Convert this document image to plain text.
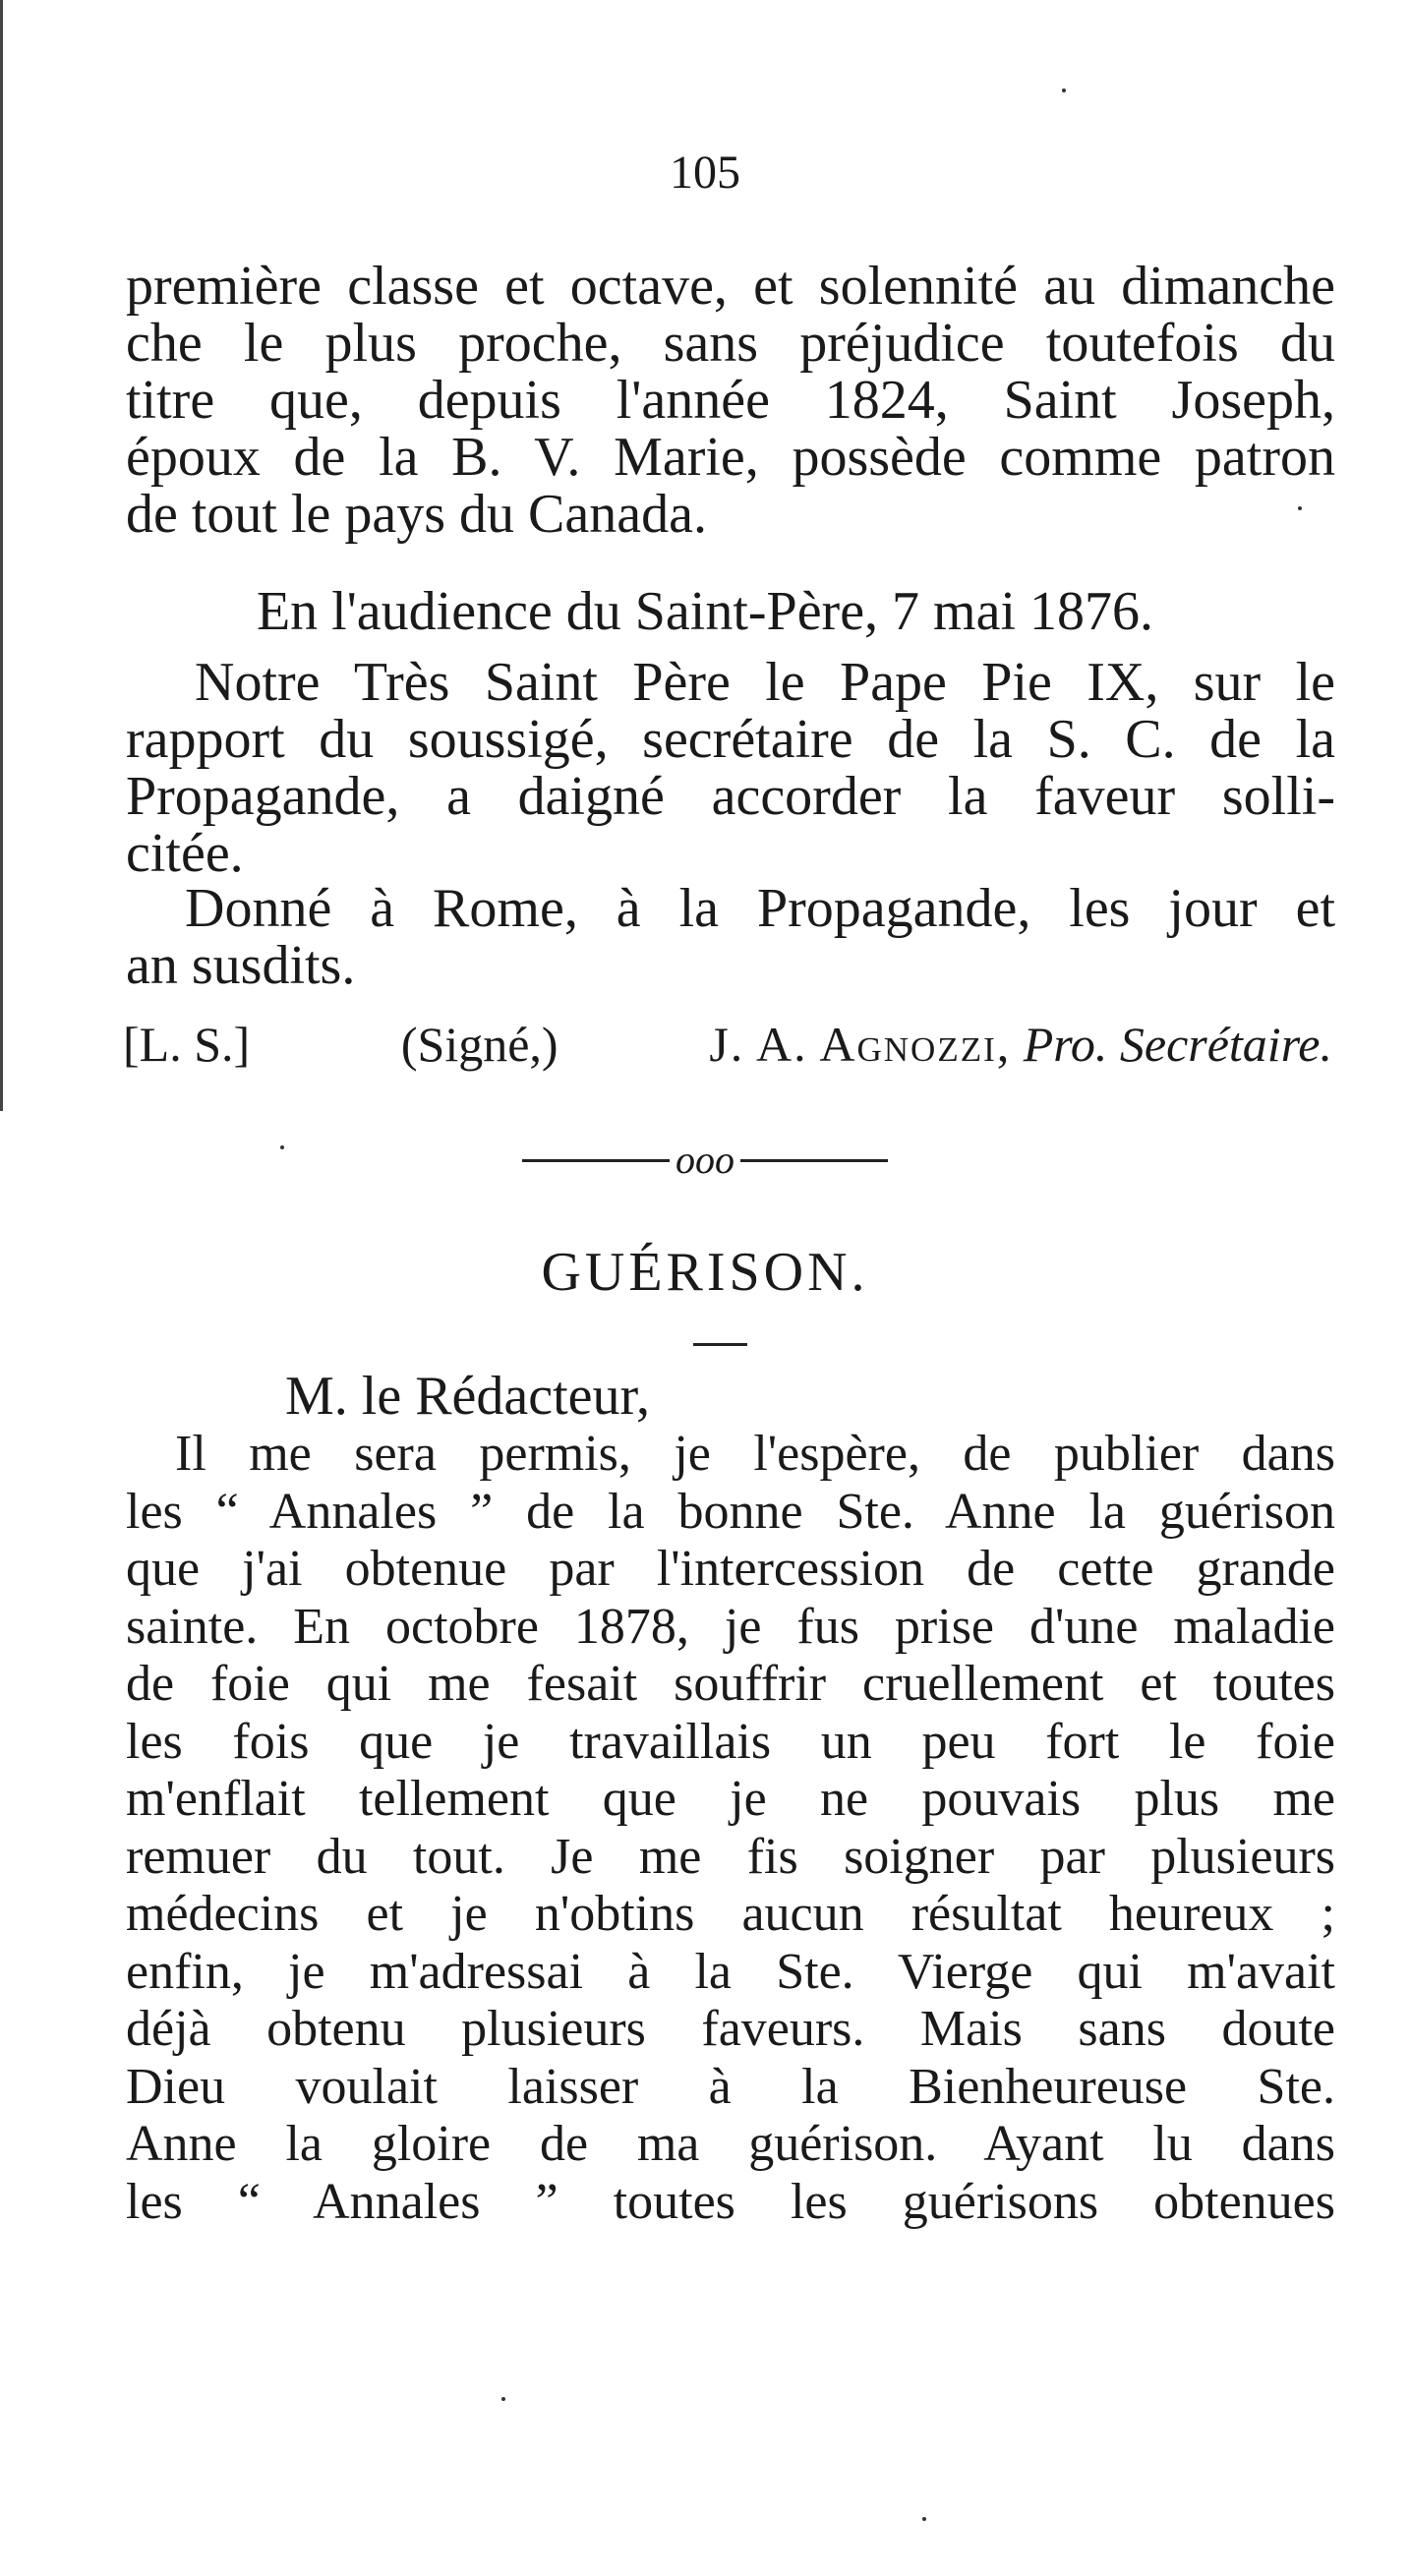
105
première classe et octave, et solennité au dimanche
che le plus proche, sans préjudice toutefois du
titre que, depuis l'année 1824, Saint Joseph,
époux de la B. V. Marie, possède comme patron
de tout le pays du Canada.
En l'audience du Saint-Père, 7 mai 1876.
Notre Très Saint Père le Pape Pie IX, sur le
rapport du soussigé, secrétaire de la S. C. de la
Propagande, a daigné accorder la faveur solli-
citée.
Donné à Rome, à la Propagande, les jour et
an susdits.
[L. S.]	(Signé,)	J. A. Agnozzi, Pro. Secrétaire.
ooo
GUÉRISON.
M. le Rédacteur,
Il me sera permis, je l'espère, de publier dans
les “ Annales ” de la bonne Ste. Anne la guérison
que j'ai obtenue par l'intercession de cette grande
sainte. En octobre 1878, je fus prise d'une maladie
de foie qui me fesait souffrir cruellement et toutes
les fois que je travaillais un peu fort le foie
m'enflait tellement que je ne pouvais plus me
remuer du tout. Je me fis soigner par plusieurs
médecins et je n'obtins aucun résultat heureux ;
enfin, je m'adressai à la Ste. Vierge qui m'avait
déjà obtenu plusieurs faveurs. Mais sans doute
Dieu voulait laisser à la Bienheureuse Ste.
Anne la gloire de ma guérison. Ayant lu dans
les “ Annales ” toutes les guérisons obtenues
